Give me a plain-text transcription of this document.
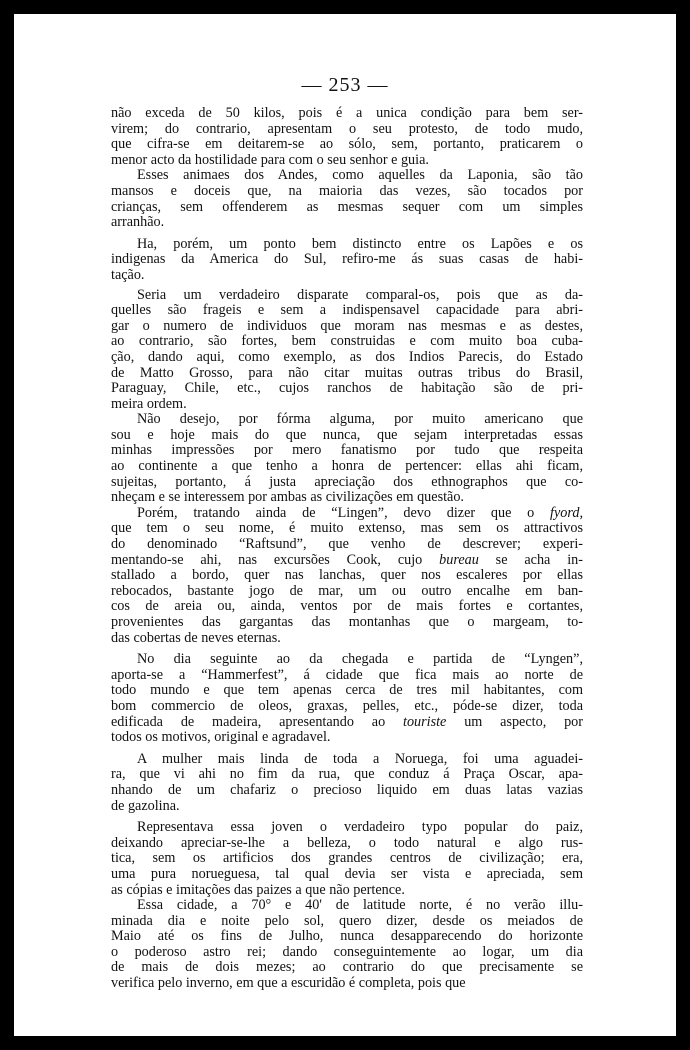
— 253 —
não exceda de 50 kilos, pois é a unica condição para bem ser-
virem; do contrario, apresentam o seu protesto, de todo mudo,
que cifra-se em deitarem-se ao sólo, sem, portanto, praticarem o
menor acto da hostilidade para com o seu senhor e guia.
Esses animaes dos Andes, como aquelles da Laponia, são tão
mansos e doceis que, na maioria das vezes, são tocados por
crianças, sem offenderem as mesmas sequer com um simples
arranhão.
Ha, porém, um ponto bem distincto entre os Lapões e os
indigenas da America do Sul, refiro-me ás suas casas de habi-
tação.
Seria um verdadeiro disparate comparal-os, pois que as da-
quelles são frageis e sem a indispensavel capacidade para abri-
gar o numero de individuos que moram nas mesmas e as destes,
ao contrario, são fortes, bem construidas e com muito boa cuba-
ção, dando aqui, como exemplo, as dos Indios Parecis, do Estado
de Matto Grosso, para não citar muitas outras tribus do Brasil,
Paraguay, Chile, etc., cujos ranchos de habitação são de pri-
meira ordem.
Não desejo, por fórma alguma, por muito americano que
sou e hoje mais do que nunca, que sejam interpretadas essas
minhas impressões por mero fanatismo por tudo que respeita
ao continente a que tenho a honra de pertencer: ellas ahi ficam,
sujeitas, portanto, á justa apreciação dos ethnographos que co-
nheçam e se interessem por ambas as civilizações em questão.
Porém, tratando ainda de “Lingen”, devo dizer que o fyord,
que tem o seu nome, é muito extenso, mas sem os attractivos
do denominado “Raftsund”, que venho de descrever; experi-
mentando-se ahi, nas excursões Cook, cujo bureau se acha in-
stallado a bordo, quer nas lanchas, quer nos escaleres por ellas
rebocados, bastante jogo de mar, um ou outro encalhe em ban-
cos de areia ou, ainda, ventos por de mais fortes e cortantes,
provenientes das gargantas das montanhas que o margeam, to-
das cobertas de neves eternas.
No dia seguinte ao da chegada e partida de “Lyngen”,
aporta-se a “Hammerfest”, á cidade que fica mais ao norte de
todo mundo e que tem apenas cerca de tres mil habitantes, com
bom commercio de oleos, graxas, pelles, etc., póde-se dizer, toda
edificada de madeira, apresentando ao touriste um aspecto, por
todos os motivos, original e agradavel.
A mulher mais linda de toda a Noruega, foi uma aguadei-
ra, que vi ahi no fim da rua, que conduz á Praça Oscar, apa-
nhando de um chafariz o precioso liquido em duas latas vazias
de gazolina.
Representava essa joven o verdadeiro typo popular do paiz,
deixando apreciar-se-lhe a belleza, o todo natural e algo rus-
tica, sem os artificios dos grandes centros de civilização; era,
uma pura norueguesa, tal qual devia ser vista e apreciada, sem
as cópias e imitações das paizes a que não pertence.
Essa cidade, a 70° e 40' de latitude norte, é no verão illu-
minada dia e noite pelo sol, quero dizer, desde os meiados de
Maio até os fins de Julho, nunca desapparecendo do horizonte
o poderoso astro rei; dando conseguintemente ao logar, um dia
de mais de dois mezes; ao contrario do que precisamente se
verifica pelo inverno, em que a escuridão é completa, pois que
